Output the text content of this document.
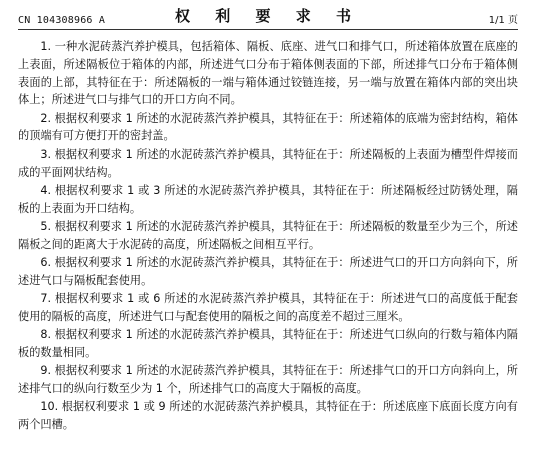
CN 104308966 A	权 利 要 求 书	1/1 页

1. 一种水泥砖蒸汽养护模具，包括箱体、隔板、底座、进气口和排气口，所述箱体放置在底座的上表面，所述隔板位于箱体的内部，所述进气口分布于箱体侧表面的下部，所述排气口分布于箱体侧表面的上部，其特征在于：所述隔板的一端与箱体通过铰链连接，另一端与放置在箱体内部的突出块体上；所述进气口与排气口的开口方向不同。

2. 根据权利要求 1 所述的水泥砖蒸汽养护模具，其特征在于：所述箱体的底端为密封结构，箱体的顶端有可方便打开的密封盖。

3. 根据权利要求 1 所述的水泥砖蒸汽养护模具，其特征在于：所述隔板的上表面为槽型件焊接而成的平面网状结构。

4. 根据权利要求 1 或 3 所述的水泥砖蒸汽养护模具，其特征在于：所述隔板经过防锈处理，隔板的上表面为开口结构。

5. 根据权利要求 1 所述的水泥砖蒸汽养护模具，其特征在于：所述隔板的数量至少为三个，所述隔板之间的距离大于水泥砖的高度，所述隔板之间相互平行。

6. 根据权利要求 1 所述的水泥砖蒸汽养护模具，其特征在于：所述进气口的开口方向斜向下，所述进气口与隔板配套使用。

7. 根据权利要求 1 或 6 所述的水泥砖蒸汽养护模具，其特征在于：所述进气口的高度低于配套使用的隔板的高度，所述进气口与配套使用的隔板之间的高度差不超过三厘米。

8. 根据权利要求 1 所述的水泥砖蒸汽养护模具，其特征在于：所述进气口纵向的行数与箱体内隔板的数量相同。

9. 根据权利要求 1 所述的水泥砖蒸汽养护模具，其特征在于：所述排气口的开口方向斜向上，所述排气口的纵向行数至少为 1 个，所述排气口的高度大于隔板的高度。

10. 根据权利要求 1 或 9 所述的水泥砖蒸汽养护模具，其特征在于：所述底座下底面长度方向有两个凹槽。
